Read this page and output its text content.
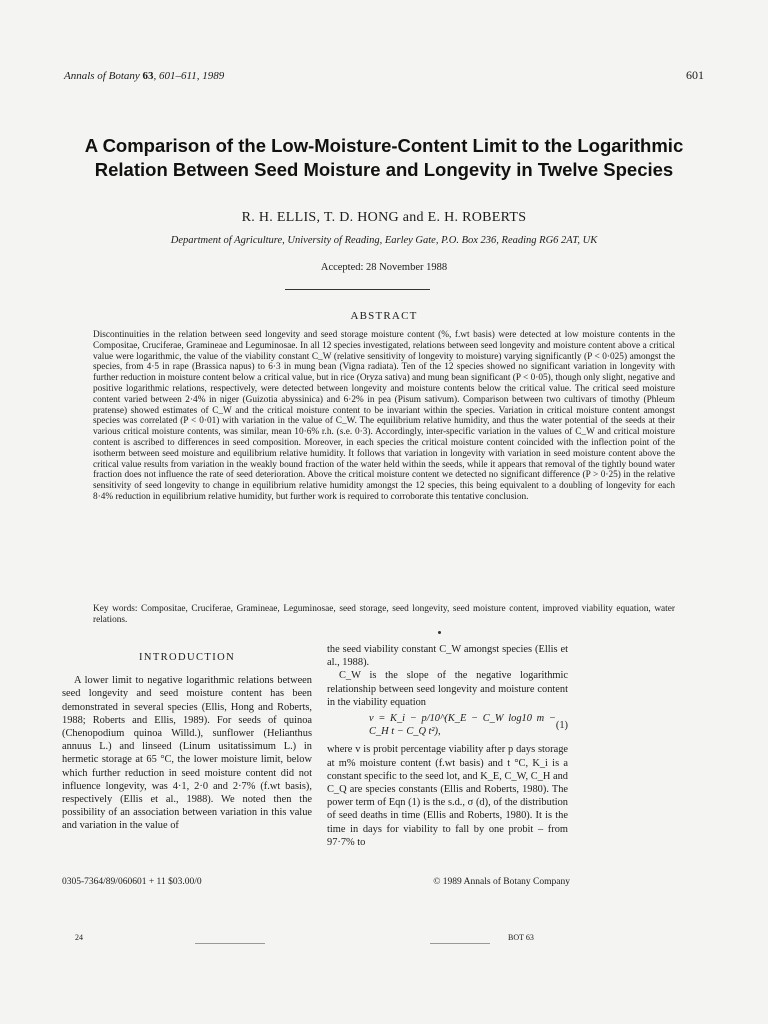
Annals of Botany 63, 601–611, 1989	601
A Comparison of the Low-Moisture-Content Limit to the Logarithmic Relation Between Seed Moisture and Longevity in Twelve Species
R. H. ELLIS, T. D. HONG and E. H. ROBERTS
Department of Agriculture, University of Reading, Earley Gate, P.O. Box 236, Reading RG6 2AT, UK
Accepted: 28 November 1988
ABSTRACT
Discontinuities in the relation between seed longevity and seed storage moisture content (%, f.wt basis) were detected at low moisture contents in the Compositae, Cruciferae, Gramineae and Leguminosae. In all 12 species investigated, relations between seed longevity and moisture content above a critical value were logarithmic, the value of the viability constant C_W (relative sensitivity of longevity to moisture) varying significantly (P < 0·025) amongst the species, from 4·5 in rape (Brassica napus) to 6·3 in mung bean (Vigna radiata). Ten of the 12 species showed no significant variation in longevity with further reduction in moisture content below a critical value, but in rice (Oryza sativa) and mung bean significant (P < 0·05), though only slight, negative and positive logarithmic relations, respectively, were detected between longevity and moisture contents below the critical value. The critical seed moisture content varied between 2·4% in niger (Guizotia abyssinica) and 6·2% in pea (Pisum sativum). Comparison between two cultivars of timothy (Phleum pratense) showed estimates of C_W and the critical moisture content to be invariant within the species. Variation in critical moisture content amongst species was correlated (P < 0·01) with variation in the value of C_W. The equilibrium relative humidity, and thus the water potential of the seeds at their various critical moisture contents, was similar, mean 10·6% r.h. (s.e. 0·3). Accordingly, inter-specific variation in the values of C_W and critical moisture content is ascribed to differences in seed composition. Moreover, in each species the critical moisture content coincided with the inflection point of the isotherm between seed moisture and equilibrium relative humidity. It follows that variation in longevity with variation in seed moisture content above the critical value results from variation in the weakly bound fraction of the water held within the seeds, while it appears that removal of the tightly bound water fraction does not influence the rate of seed deterioration. Above the critical moisture content we detected no significant difference (P > 0·25) in the relative sensitivity of seed longevity to change in equilibrium relative humidity amongst the 12 species, this being equivalent to a doubling of longevity for each 8·4% reduction in equilibrium relative humidity, but further work is required to corroborate this tentative conclusion.
Key words: Compositae, Cruciferae, Gramineae, Leguminosae, seed storage, seed longevity, seed moisture content, improved viability equation, water relations.
INTRODUCTION

A lower limit to negative logarithmic relations between seed longevity and seed moisture content has been demonstrated in several species (Ellis, Hong and Roberts, 1988; Roberts and Ellis, 1989). For seeds of quinoa (Chenopodium quinoa Willd.), sunflower (Helianthus annuus L.) and linseed (Linum usitatissimum L.) in hermetic storage at 65 °C, the lower moisture limit, below which further reduction in seed moisture content did not influence longevity, was 4·1, 2·0 and 2·7% (f.wt basis), respectively (Ellis et al., 1988). We noted then the possibility of an association between variation in this value and variation in the value of

the seed viability constant C_W amongst species (Ellis et al., 1988).

C_W is the slope of the negative logarithmic relationship between seed longevity and moisture content in the viability equation

v = K_i − p/10^(K_E − C_W log10 m − C_H t − C_Q t²),
(1)

where v is probit percentage viability after p days storage at m% moisture content (f.wt basis) and t °C, K_i is a constant specific to the seed lot, and K_E, C_W, C_H and C_Q are species constants (Ellis and Roberts, 1980). The power term of Eqn (1) is the s.d., σ (d), of the distribution of seed deaths in time (Ellis and Roberts, 1980). It is the time in days for viability to fall by one probit – from 97·7% to

0305-7364/89/060601 + 11 $03.00/0	© 1989 Annals of Botany Company
24	BOT 63
